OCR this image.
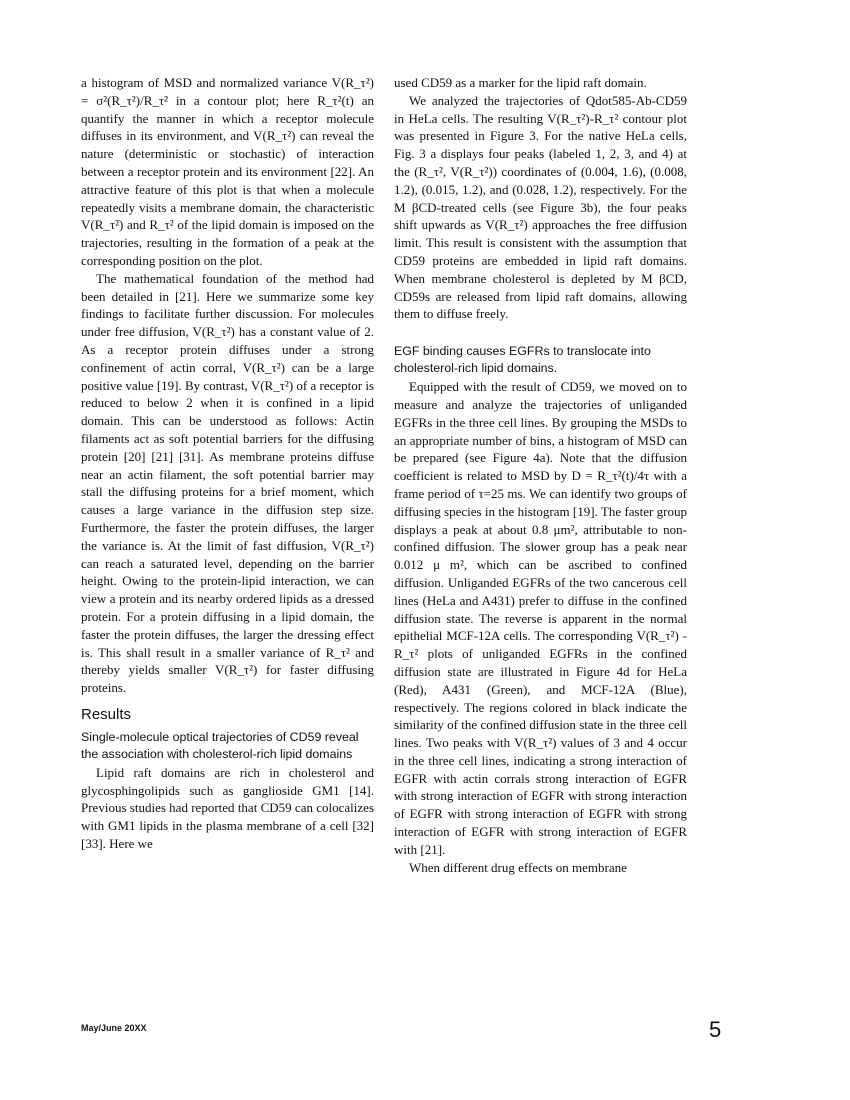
a histogram of MSD and normalized variance V(R_τ²) = σ²(R_τ²)/R_τ² in a contour plot; here R_τ²(t) an quantify the manner in which a receptor molecule diffuses in its environment, and V(R_τ²) can reveal the nature (deterministic or stochastic) of interaction between a receptor protein and its environment [22]. An attractive feature of this plot is that when a molecule repeatedly visits a membrane domain, the characteristic V(R_τ²) and R_τ² of the lipid domain is imposed on the trajectories, resulting in the formation of a peak at the corresponding position on the plot.

The mathematical foundation of the method had been detailed in [21]. Here we summarize some key findings to facilitate further discussion. For molecules under free diffusion, V(R_τ²) has a constant value of 2. As a receptor protein diffuses under a strong confinement of actin corral, V(R_τ²) can be a large positive value [19]. By contrast, V(R_τ²) of a receptor is reduced to below 2 when it is confined in a lipid domain. This can be understood as follows: Actin filaments act as soft potential barriers for the diffusing protein [20] [21] [31]. As membrane proteins diffuse near an actin filament, the soft potential barrier may stall the diffusing proteins for a brief moment, which causes a large variance in the diffusion step size. Furthermore, the faster the protein diffuses, the larger the variance is. At the limit of fast diffusion, V(R_τ²) can reach a saturated level, depending on the barrier height. Owing to the protein-lipid interaction, we can view a protein and its nearby ordered lipids as a dressed protein. For a protein diffusing in a lipid domain, the faster the protein diffuses, the larger the dressing effect is. This shall result in a smaller variance of R_τ² and thereby yields smaller V(R_τ²) for faster diffusing proteins.

Results
Single-molecule optical trajectories of CD59 reveal the association with cholesterol-rich lipid domains

Lipid raft domains are rich in cholesterol and glycosphingolipids such as ganglioside GM1 [14]. Previous studies had reported that CD59 can colocalizes with GM1 lipids in the plasma membrane of a cell [32] [33]. Here we

used CD59 as a marker for the lipid raft domain.

We analyzed the trajectories of Qdot585-Ab-CD59 in HeLa cells. The resulting V(R_τ²)-R_τ² contour plot was presented in Figure 3. For the native HeLa cells, Fig. 3 a displays four peaks (labeled 1, 2, 3, and 4) at the (R_τ², V(R_τ²)) coordinates of (0.004, 1.6), (0.008, 1.2), (0.015, 1.2), and (0.028, 1.2), respectively. For the M βCD-treated cells (see Figure 3b), the four peaks shift upwards as V(R_τ²) approaches the free diffusion limit. This result is consistent with the assumption that CD59 proteins are embedded in lipid raft domains. When membrane cholesterol is depleted by M βCD, CD59s are released from lipid raft domains, allowing them to diffuse freely.

EGF binding causes EGFRs to translocate into cholesterol-rich lipid domains.

Equipped with the result of CD59, we moved on to measure and analyze the trajectories of unliganded EGFRs in the three cell lines. By grouping the MSDs to an appropriate number of bins, a histogram of MSD can be prepared (see Figure 4a). Note that the diffusion coefficient is related to MSD by D = R_τ²(t)/4τ with a frame period of τ=25 ms. We can identify two groups of diffusing species in the histogram [19]. The faster group displays a peak at about 0.8 μm², attributable to non-confined diffusion. The slower group has a peak near 0.012 μ m², which can be ascribed to confined diffusion. Unliganded EGFRs of the two cancerous cell lines (HeLa and A431) prefer to diffuse in the confined diffusion state. The reverse is apparent in the normal epithelial MCF-12A cells. The corresponding V(R_τ²) -R_τ² plots of unliganded EGFRs in the confined diffusion state are illustrated in Figure 4d for HeLa (Red), A431 (Green), and MCF-12A (Blue), respectively. The regions colored in black indicate the similarity of the confined diffusion state in the three cell lines. Two peaks with V(R_τ²) values of 3 and 4 occur in the three cell lines, indicating a strong interaction of EGFR with actin corrals strong interaction of EGFR with strong interaction of EGFR with strong interaction of EGFR with strong interaction of EGFR with strong interaction of EGFR with strong interaction of EGFR with [21].

When different drug effects on membrane

May/June 20XX	5
